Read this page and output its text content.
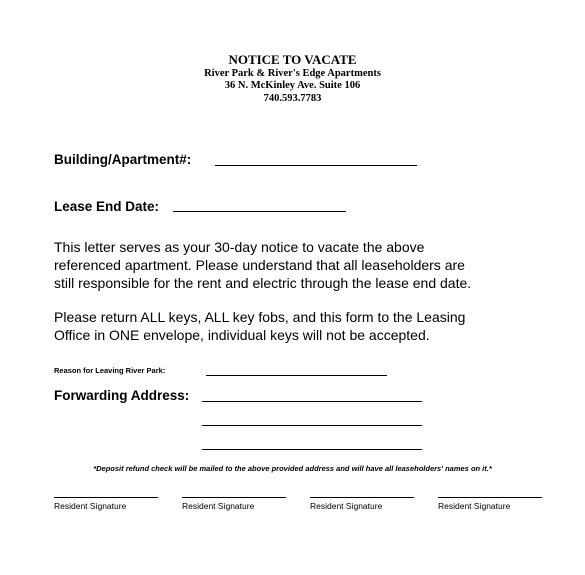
NOTICE TO VACATE
River Park & River's Edge Apartments
36 N. McKinley Ave. Suite 106
740.593.7783
Building/Apartment#:
Lease End Date:
This letter serves as your 30-day notice to vacate the above
referenced apartment. Please understand that all leaseholders are
still responsible for the rent and electric through the lease end date.
Please return ALL keys, ALL key fobs, and this form to the Leasing
Office in ONE envelope, individual keys will not be accepted.
Reason for Leaving River Park:
Forwarding Address:
*Deposit refund check will be mailed to the above provided address and will have all leaseholders' names on it.*
Resident Signature	Resident Signature	Resident Signature	Resident Signature
